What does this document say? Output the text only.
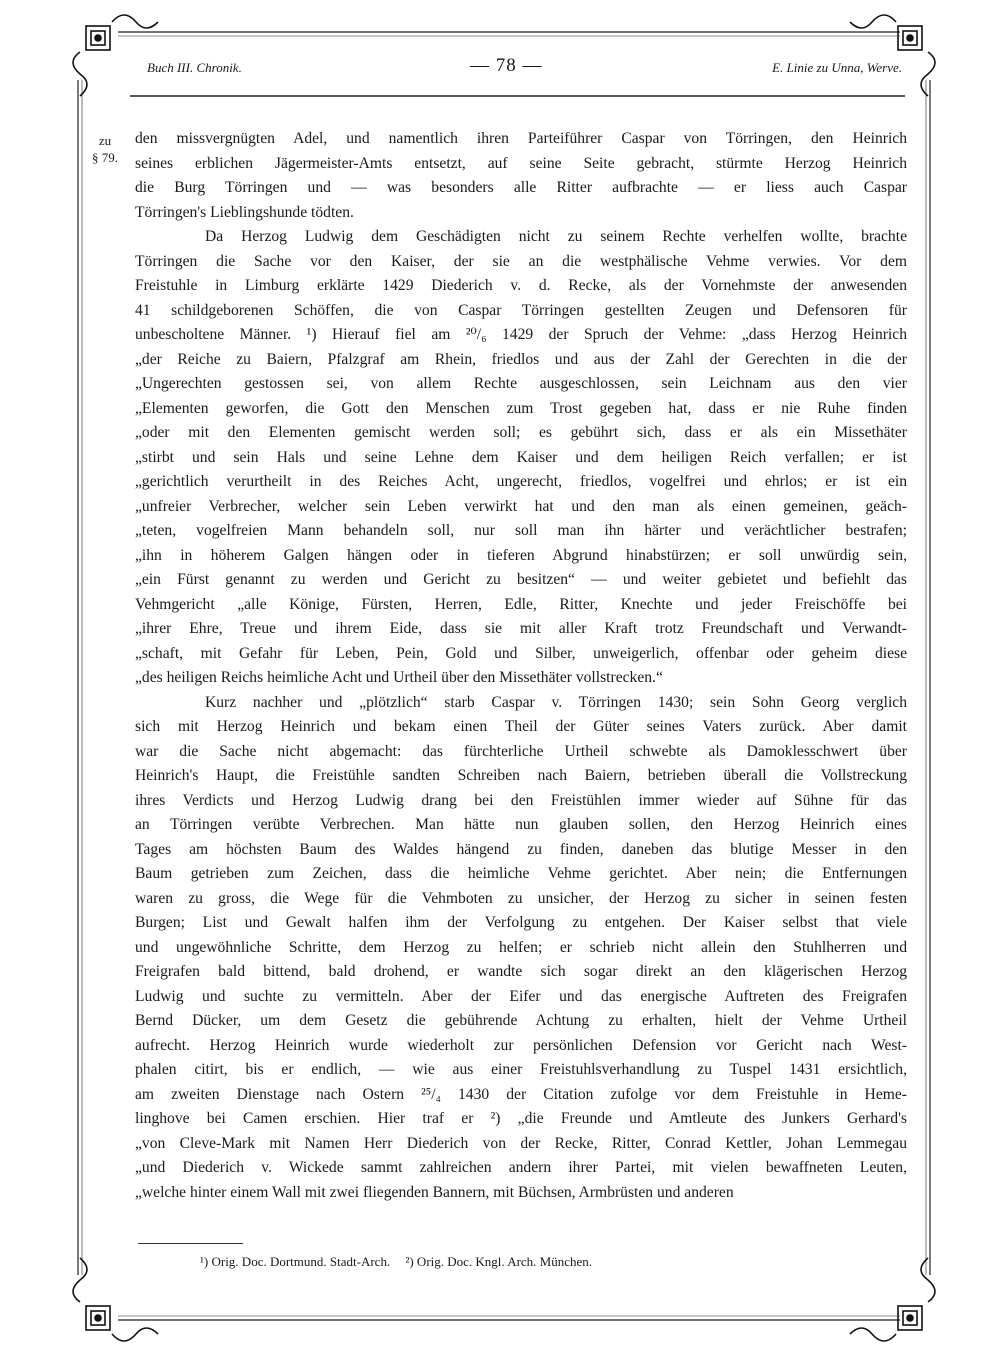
Buch III. Chronik.	— 78 —	E. Linie zu Unna, Werve.
zu
§ 79.

den missvergnügten Adel, und namentlich ihren Parteiführer Caspar von Törringen, den Heinrich
seines erblichen Jägermeister-Amts entsetzt, auf seine Seite gebracht, stürmte Herzog Heinrich
die Burg Törringen und — was besonders alle Ritter aufbrachte — er liess auch Caspar
Törringen's Lieblingshunde tödten.

Da Herzog Ludwig dem Geschädigten nicht zu seinem Rechte verhelfen wollte, brachte
Törringen die Sache vor den Kaiser, der sie an die westphälische Vehme verwies. Vor dem
Freistuhle in Limburg erklärte 1429 Diederich v. d. Recke, als der Vornehmste der anwesenden
41 schildgeborenen Schöffen, die von Caspar Törringen gestellten Zeugen und Defensoren für
unbescholtene Männer. ¹) Hierauf fiel am ²⁰/₆ 1429 der Spruch der Vehme: „dass Herzog Heinrich
„der Reiche zu Baiern, Pfalzgraf am Rhein, friedlos und aus der Zahl der Gerechten in die der
„Ungerechten gestossen sei, von allem Rechte ausgeschlossen, sein Leichnam aus den vier
„Elementen geworfen, die Gott den Menschen zum Trost gegeben hat, dass er nie Ruhe finden
„oder mit den Elementen gemischt werden soll; es gebührt sich, dass er als ein Missethäter
„stirbt und sein Hals und seine Lehne dem Kaiser und dem heiligen Reich verfallen; er ist
„gerichtlich verurtheilt in des Reiches Acht, ungerecht, friedlos, vogelfrei und ehrlos; er ist ein
„unfreier Verbrecher, welcher sein Leben verwirkt hat und den man als einen gemeinen, geäch-
„teten, vogelfreien Mann behandeln soll, nur soll man ihn härter und verächtlicher bestrafen;
„ihn in höherem Galgen hängen oder in tieferen Abgrund hinabstürzen; er soll unwürdig sein,
„ein Fürst genannt zu werden und Gericht zu besitzen“ — und weiter gebietet und befiehlt das
Vehmgericht „alle Könige, Fürsten, Herren, Edle, Ritter, Knechte und jeder Freischöffe bei
„ihrer Ehre, Treue und ihrem Eide, dass sie mit aller Kraft trotz Freundschaft und Verwandt-
„schaft, mit Gefahr für Leben, Pein, Gold und Silber, unweigerlich, offenbar oder geheim diese
„des heiligen Reichs heimliche Acht und Urtheil über den Missethäter vollstrecken.“

Kurz nachher und „plötzlich“ starb Caspar v. Törringen 1430; sein Sohn Georg verglich
sich mit Herzog Heinrich und bekam einen Theil der Güter seines Vaters zurück. Aber damit
war die Sache nicht abgemacht: das fürchterliche Urtheil schwebte als Damoklesschwert über
Heinrich's Haupt, die Freistühle sandten Schreiben nach Baiern, betrieben überall die Vollstreckung
ihres Verdicts und Herzog Ludwig drang bei den Freistühlen immer wieder auf Sühne für das
an Törringen verübte Verbrechen. Man hätte nun glauben sollen, den Herzog Heinrich eines
Tages am höchsten Baum des Waldes hängend zu finden, daneben das blutige Messer in den
Baum getrieben zum Zeichen, dass die heimliche Vehme gerichtet. Aber nein; die Entfernungen
waren zu gross, die Wege für die Vehmboten zu unsicher, der Herzog zu sicher in seinen festen
Burgen; List und Gewalt halfen ihm der Verfolgung zu entgehen. Der Kaiser selbst that viele
und ungewöhnliche Schritte, dem Herzog zu helfen; er schrieb nicht allein den Stuhlherren und
Freigrafen bald bittend, bald drohend, er wandte sich sogar direkt an den klägerischen Herzog
Ludwig und suchte zu vermitteln. Aber der Eifer und das energische Auftreten des Freigrafen
Bernd Dücker, um dem Gesetz die gebührende Achtung zu erhalten, hielt der Vehme Urtheil
aufrecht. Herzog Heinrich wurde wiederholt zur persönlichen Defension vor Gericht nach West-
phalen citirt, bis er endlich, — wie aus einer Freistuhlsverhandlung zu Tuspel 1431 ersichtlich,
am zweiten Dienstage nach Ostern ²⁵/₄ 1430 der Citation zufolge vor dem Freistuhle in Heme-
linghove bei Camen erschien. Hier traf er ²) „die Freunde und Amtleute des Junkers Gerhard's
„von Cleve-Mark mit Namen Herr Diederich von der Recke, Ritter, Conrad Kettler, Johan Lemmegau
„und Diederich v. Wickede sammt zahlreichen andern ihrer Partei, mit vielen bewaffneten Leuten,
„welche hinter einem Wall mit zwei fliegenden Bannern, mit Büchsen, Armbrüsten und anderen

¹) Orig. Doc. Dortmund. Stadt-Arch. ²) Orig. Doc. Kngl. Arch. München.
